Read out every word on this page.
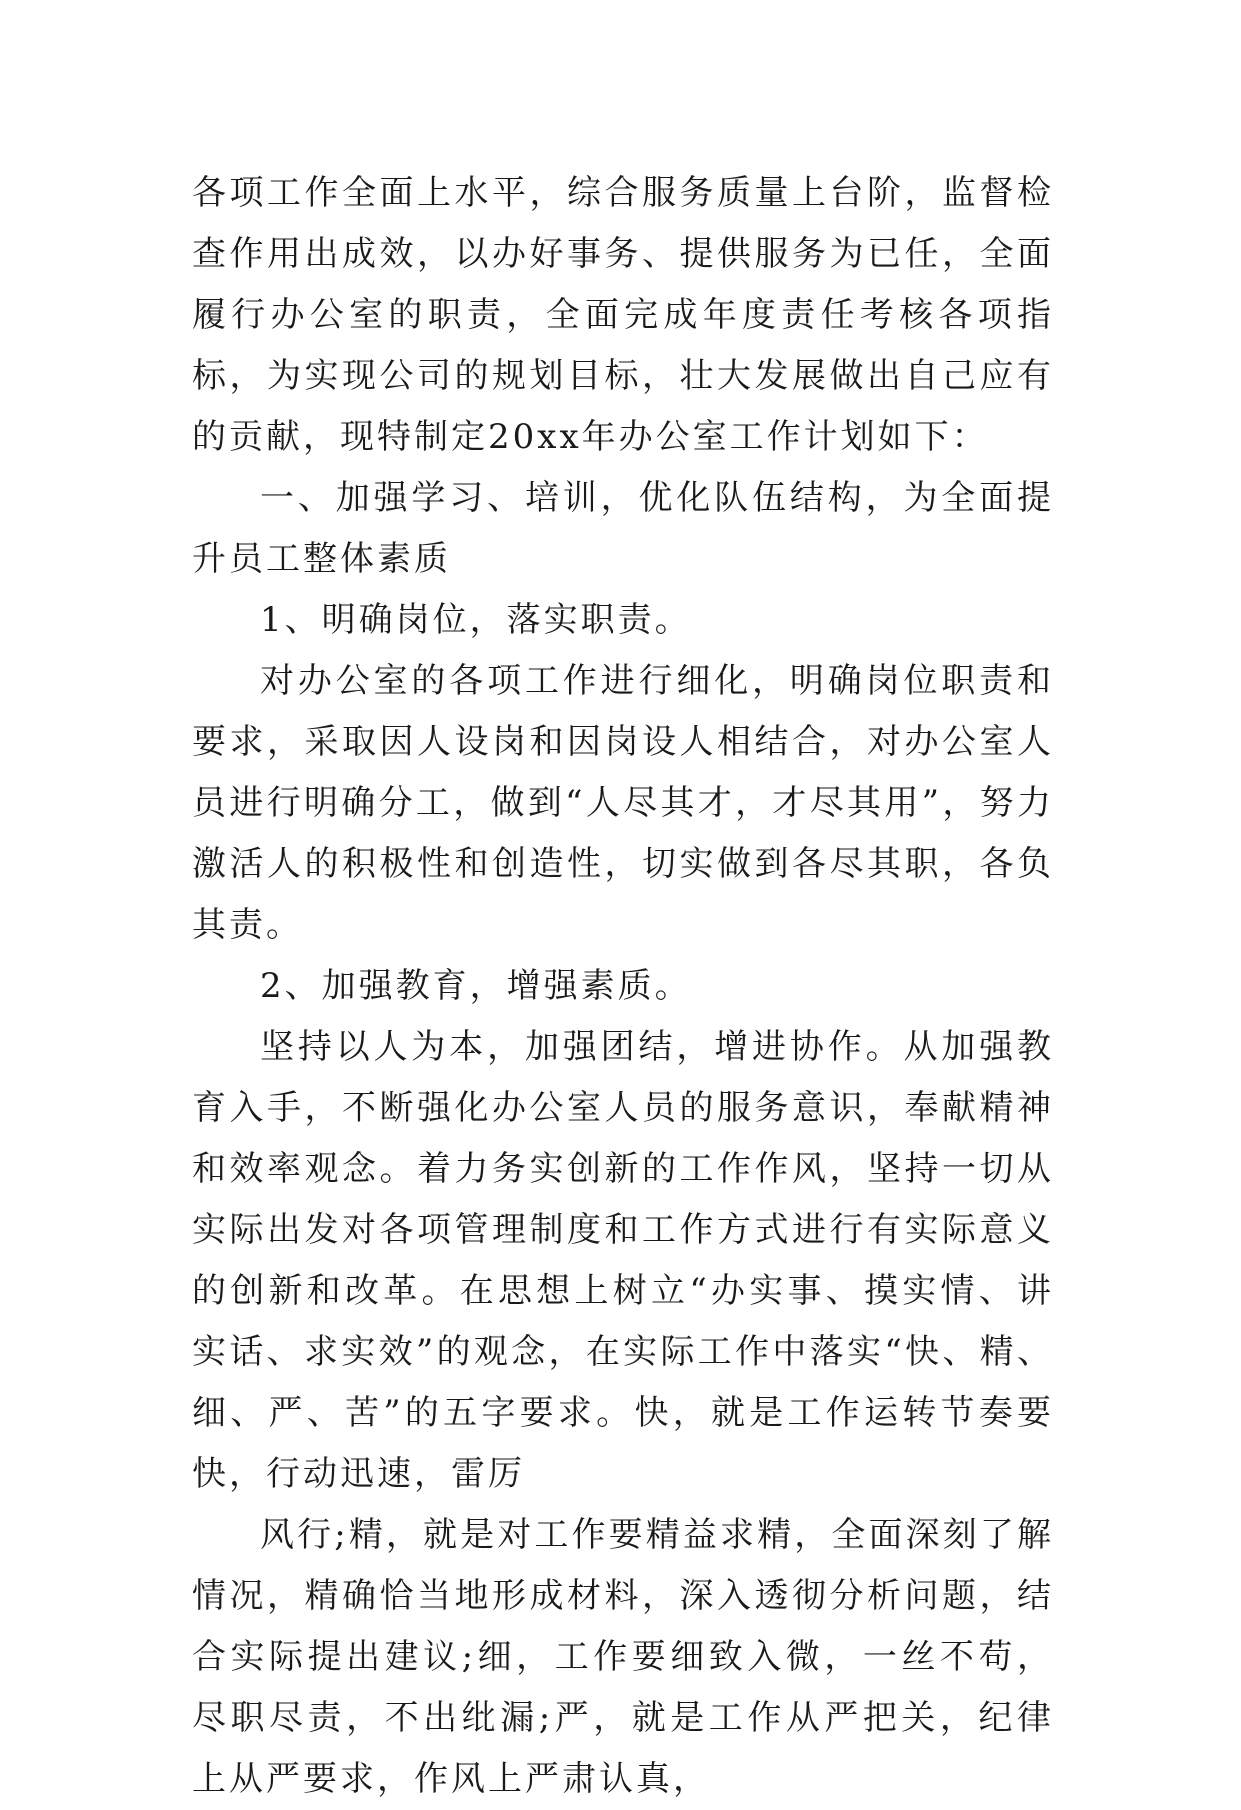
各项工作全面上水平，综合服务质量上台阶，监督检查作用出成效，以办好事务、提供服务为已任，全面履行办公室的职责，全面完成年度责任考核各项指标，为实现公司的规划目标，壮大发展做出自己应有的贡献，现特制定20xx年办公室工作计划如下：

一、加强学习、培训，优化队伍结构，为全面提升员工整体素质

1、明确岗位，落实职责。

对办公室的各项工作进行细化，明确岗位职责和要求，采取因人设岗和因岗设人相结合，对办公室人员进行明确分工，做到“人尽其才，才尽其用”，努力激活人的积极性和创造性，切实做到各尽其职，各负其责。

2、加强教育，增强素质。

坚持以人为本，加强团结，增进协作。从加强教育入手，不断强化办公室人员的服务意识，奉献精神和效率观念。着力务实创新的工作作风，坚持一切从实际出发对各项管理制度和工作方式进行有实际意义的创新和改革。在思想上树立“办实事、摸实情、讲实话、求实效”的观念，在实际工作中落实“快、精、细、严、苦”的五字要求。快，就是工作运转节奏要快，行动迅速，雷厉

风行;精，就是对工作要精益求精，全面深刻了解情况，精确恰当地形成材料，深入透彻分析问题，结合实际提出建议;细，工作要细致入微，一丝不苟，尽职尽责，不出纰漏;严，就是工作从严把关，纪律上从严要求，作风上严肃认真，
